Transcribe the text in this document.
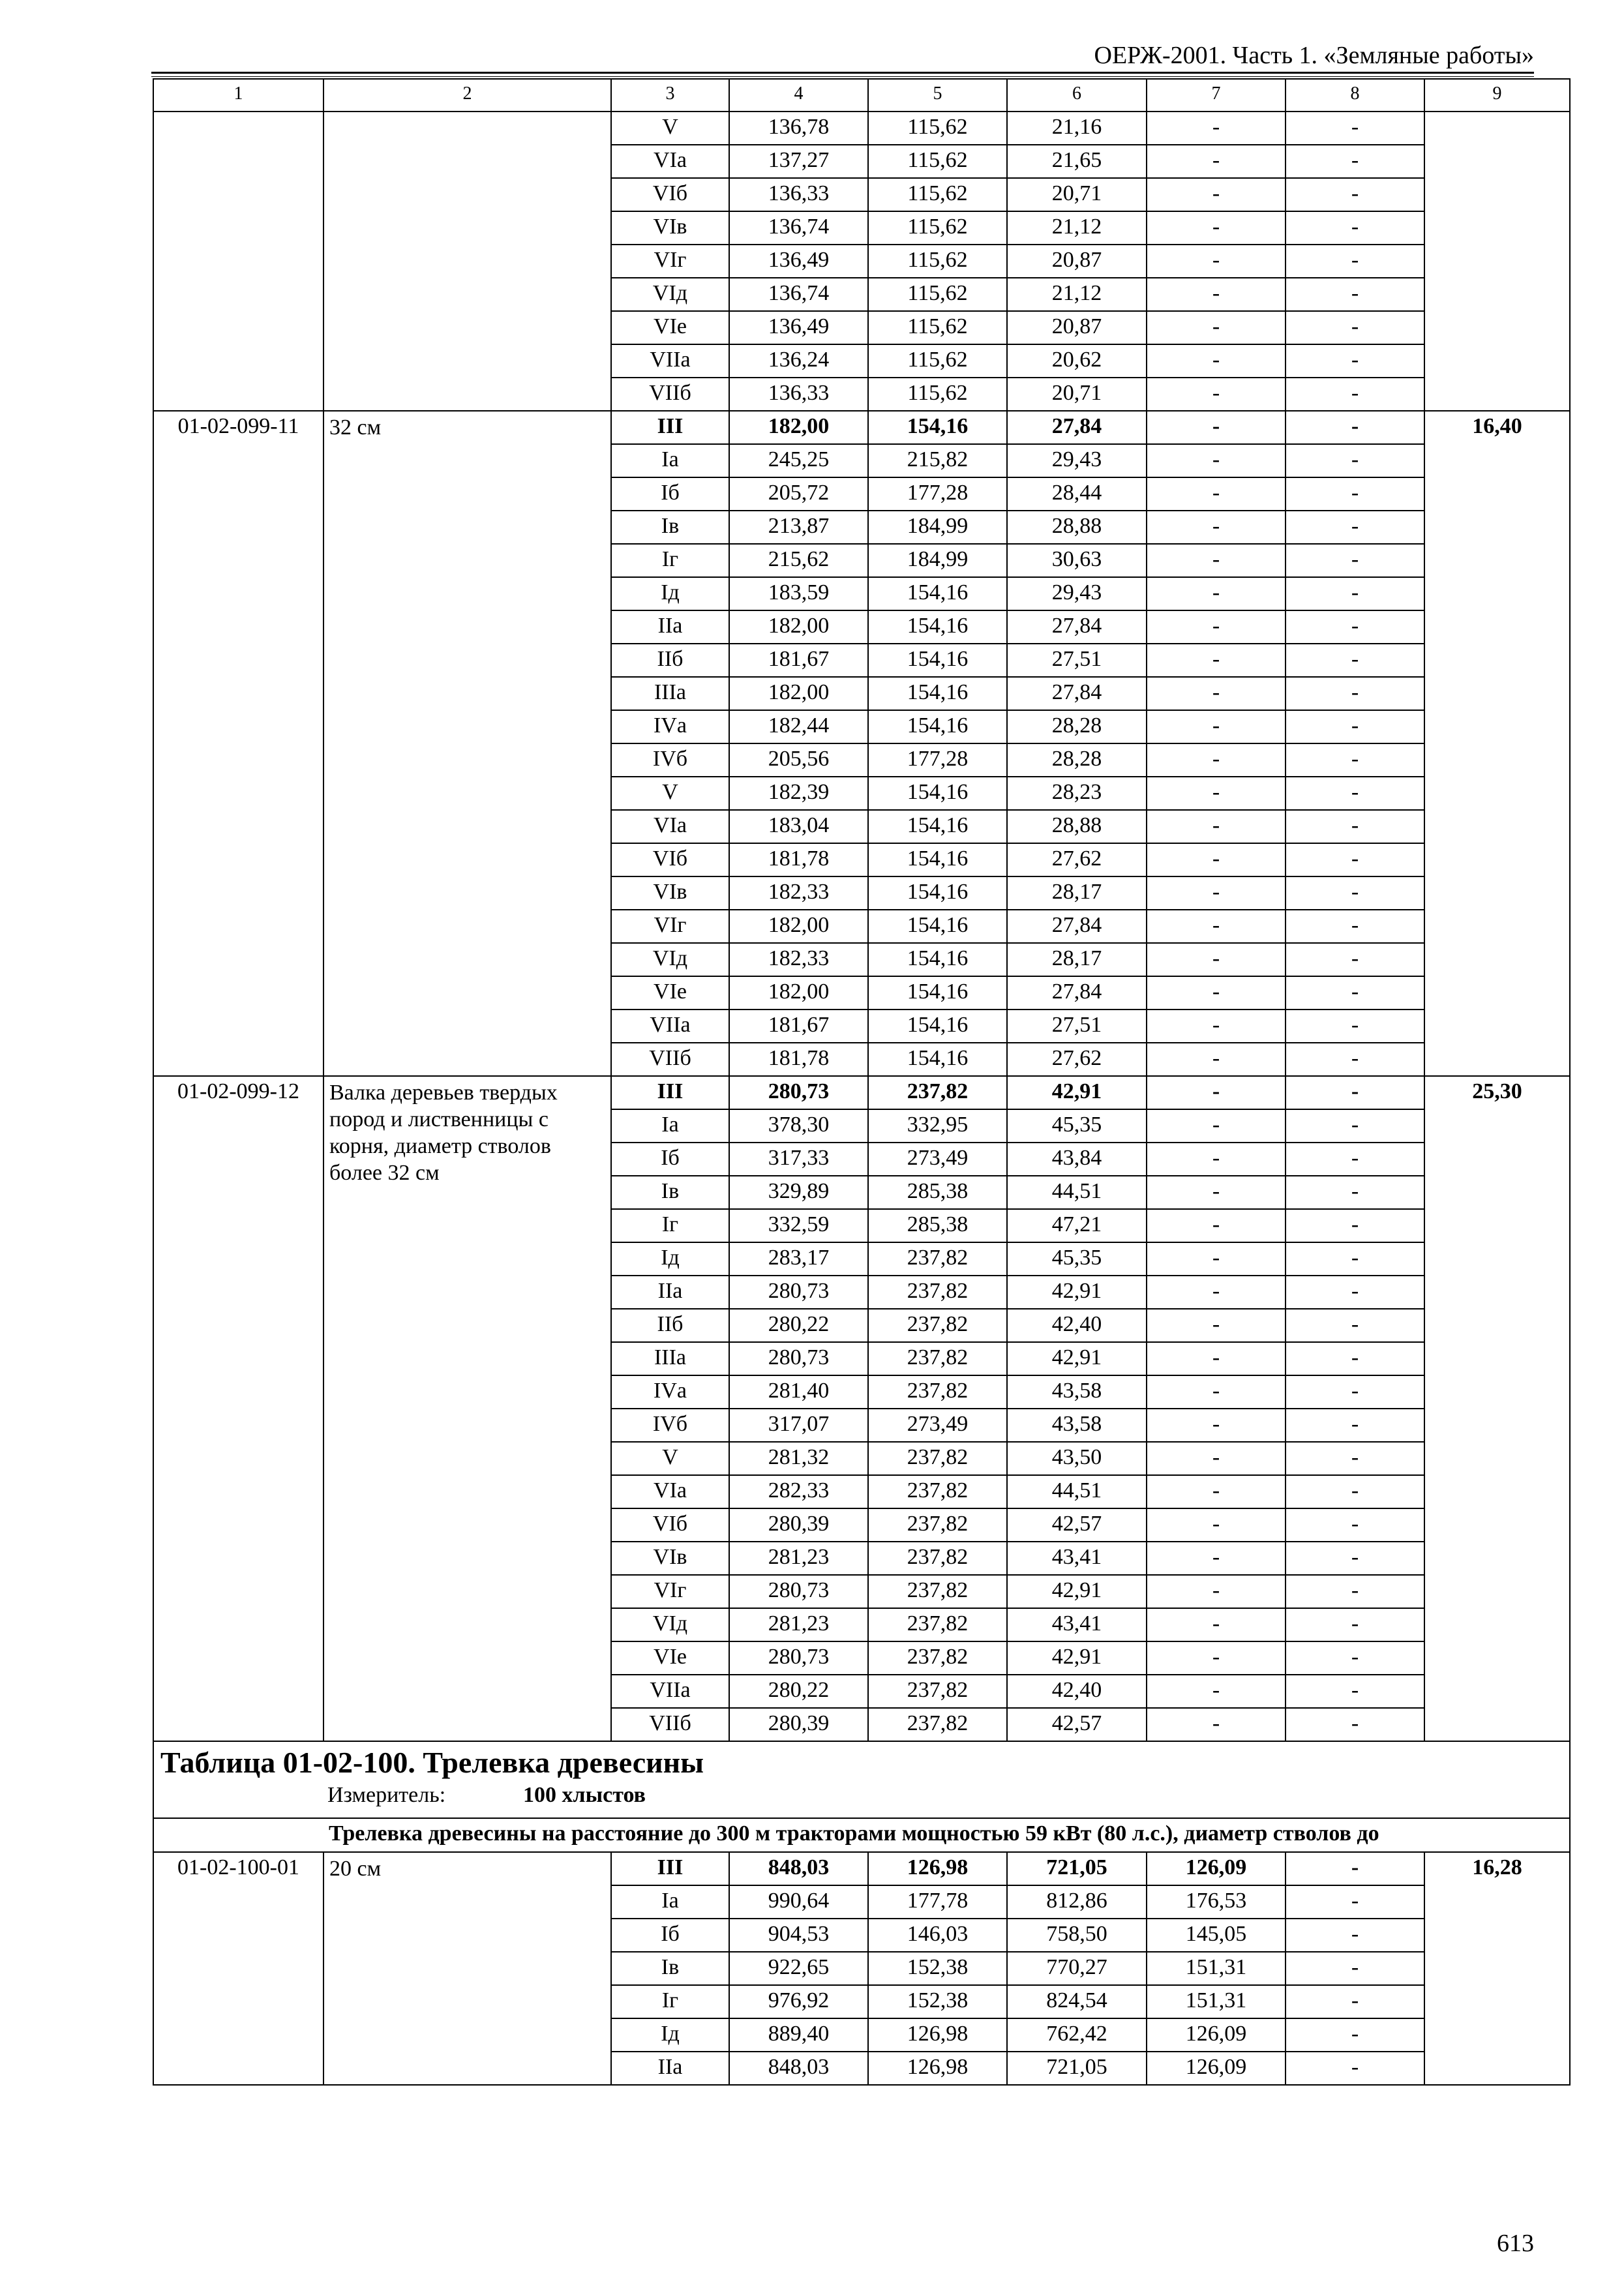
ОЕРЖ-2001. Часть 1. «Земляные работы»
1	2	3	4	5	6	7	8	9
		V	136,78	115,62	21,16	-	-	
		VIа	137,27	115,62	21,65	-	-	
		VIб	136,33	115,62	20,71	-	-	
		VIв	136,74	115,62	21,12	-	-	
		VIг	136,49	115,62	20,87	-	-	
		VIд	136,74	115,62	21,12	-	-	
		VIе	136,49	115,62	20,87	-	-	
		VIIа	136,24	115,62	20,62	-	-	
		VIIб	136,33	115,62	20,71	-	-	
01-02-099-11	32 см	III	182,00	154,16	27,84	-	-	16,40
		Iа	245,25	215,82	29,43	-	-	
		Iб	205,72	177,28	28,44	-	-	
		Iв	213,87	184,99	28,88	-	-	
		Iг	215,62	184,99	30,63	-	-	
		Iд	183,59	154,16	29,43	-	-	
		IIа	182,00	154,16	27,84	-	-	
		IIб	181,67	154,16	27,51	-	-	
		IIIа	182,00	154,16	27,84	-	-	
		IVа	182,44	154,16	28,28	-	-	
		IVб	205,56	177,28	28,28	-	-	
		V	182,39	154,16	28,23	-	-	
		VIа	183,04	154,16	28,88	-	-	
		VIб	181,78	154,16	27,62	-	-	
		VIв	182,33	154,16	28,17	-	-	
		VIг	182,00	154,16	27,84	-	-	
		VIд	182,33	154,16	28,17	-	-	
		VIе	182,00	154,16	27,84	-	-	
		VIIа	181,67	154,16	27,51	-	-	
		VIIб	181,78	154,16	27,62	-	-	
01-02-099-12	Валка деревьев твердых пород и лиственницы с корня, диаметр стволов более 32 см	III	280,73	237,82	42,91	-	-	25,30
		Iа	378,30	332,95	45,35	-	-	
		Iб	317,33	273,49	43,84	-	-	
		Iв	329,89	285,38	44,51	-	-	
		Iг	332,59	285,38	47,21	-	-	
		Iд	283,17	237,82	45,35	-	-	
		IIа	280,73	237,82	42,91	-	-	
		IIб	280,22	237,82	42,40	-	-	
		IIIа	280,73	237,82	42,91	-	-	
		IVа	281,40	237,82	43,58	-	-	
		IVб	317,07	273,49	43,58	-	-	
		V	281,32	237,82	43,50	-	-	
		VIа	282,33	237,82	44,51	-	-	
		VIб	280,39	237,82	42,57	-	-	
		VIв	281,23	237,82	43,41	-	-	
		VIг	280,73	237,82	42,91	-	-	
		VIд	281,23	237,82	43,41	-	-	
		VIе	280,73	237,82	42,91	-	-	
		VIIа	280,22	237,82	42,40	-	-	
		VIIб	280,39	237,82	42,57	-	-	

Таблица 01-02-100. Трелевка древесины
Измеритель: 100 хлыстов								

Трелевка древесины на расстояние до 300 м тракторами мощностью 59 кВт (80 л.с.), диаметр стволов до								
01-02-100-01	20 см	III	848,03	126,98	721,05	126,09	-	16,28
		Iа	990,64	177,78	812,86	176,53	-	
		Iб	904,53	146,03	758,50	145,05	-	
		Iв	922,65	152,38	770,27	151,31	-	
		Iг	976,92	152,38	824,54	151,31	-	
		Iд	889,40	126,98	762,42	126,09	-	
		IIа	848,03	126,98	721,05	126,09	-	
613
